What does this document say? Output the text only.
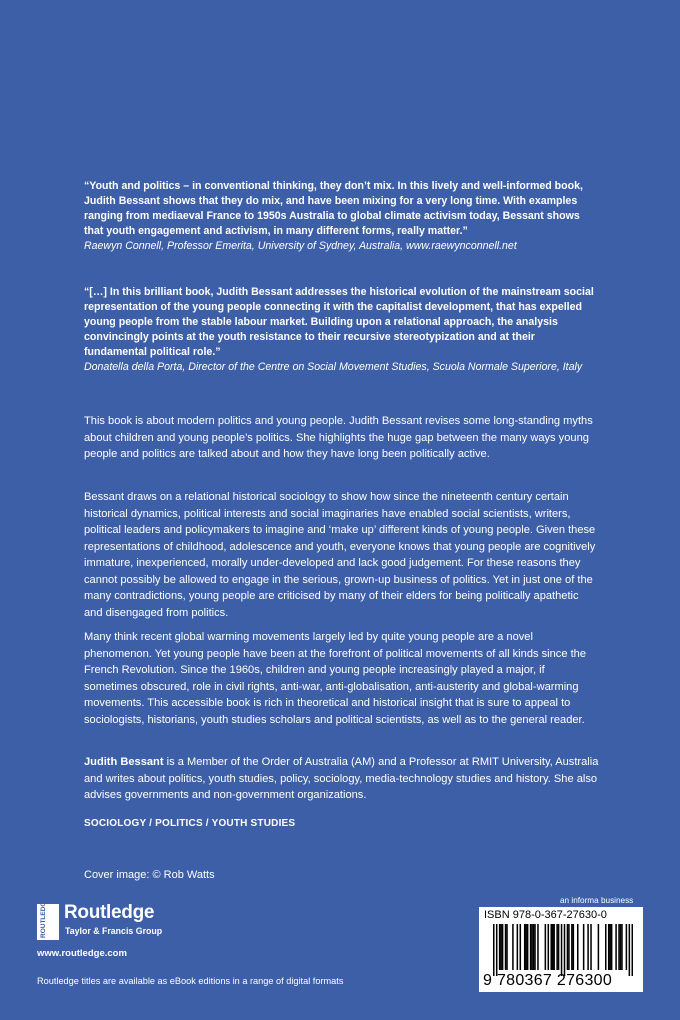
“Youth and politics – in conventional thinking, they don’t mix. In this lively and well-informed book, Judith Bessant shows that they do mix, and have been mixing for a very long time. With examples ranging from mediaeval France to 1950s Australia to global climate activism today, Bessant shows that youth engagement and activism, in many different forms, really matter.”

Raewyn Connell, Professor Emerita, University of Sydney, Australia, www.raewynconnell.net

“[…] In this brilliant book, Judith Bessant addresses the historical evolution of the mainstream social representation of the young people connecting it with the capitalist development, that has expelled young people from the stable labour market. Building upon a relational approach, the analysis convincingly points at the youth resistance to their recursive stereotypization and at their fundamental political role.”

Donatella della Porta, Director of the Centre on Social Movement Studies, Scuola Normale Superiore, Italy

This book is about modern politics and young people. Judith Bessant revises some long-standing myths about children and young people’s politics. She highlights the huge gap between the many ways young people and politics are talked about and how they have long been politically active.

Bessant draws on a relational historical sociology to show how since the nineteenth century certain historical dynamics, political interests and social imaginaries have enabled social scientists, writers, political leaders and policymakers to imagine and ‘make up’ different kinds of young people. Given these representations of childhood, adolescence and youth, everyone knows that young people are cognitively immature, inexperienced, morally under-developed and lack good judgement. For these reasons they cannot possibly be allowed to engage in the serious, grown-up business of politics. Yet in just one of the many contradictions, young people are criticised by many of their elders for being politically apathetic and disengaged from politics.

Many think recent global warming movements largely led by quite young people are a novel phenomenon. Yet young people have been at the forefront of political movements of all kinds since the French Revolution. Since the 1960s, children and young people increasingly played a major, if sometimes obscured, role in civil rights, anti-war, anti-globalisation, anti-austerity and global-warming movements. This accessible book is rich in theoretical and historical insight that is sure to appeal to sociologists, historians, youth studies scholars and political scientists, as well as to the general reader.

Judith Bessant is a Member of the Order of Australia (AM) and a Professor at RMIT University, Australia and writes about politics, youth studies, policy, sociology, media-technology studies and history. She also advises governments and non-government organizations.

SOCIOLOGY / POLITICS / YOUTH STUDIES
Cover image: © Rob Watts
ROUTLEDGE Routledge
Taylor & Francis Group
www.routledge.com
Routledge titles are available as eBook editions in a range of digital formats
an informa business
ISBN 978-0-367-27630-0
9 780367 276300
